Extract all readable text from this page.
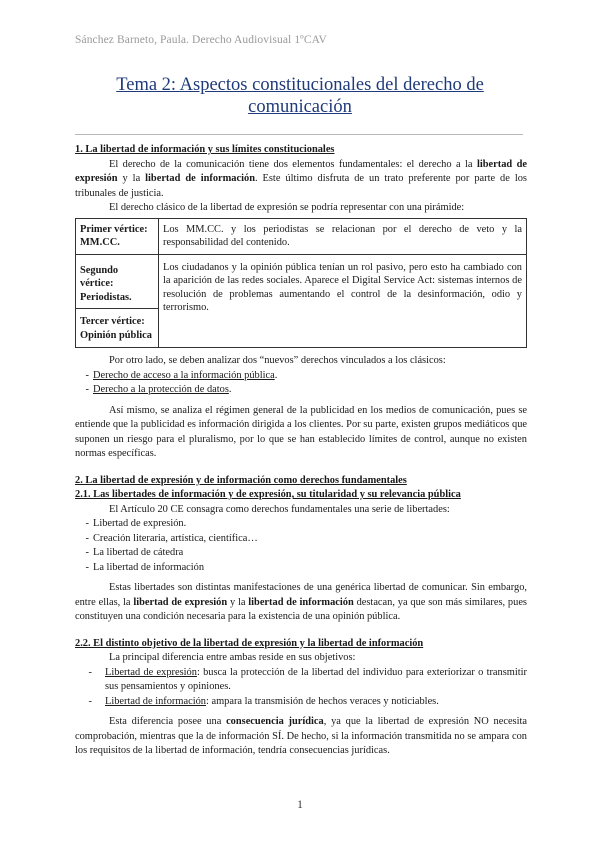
Sánchez Barneto, Paula. Derecho Audiovisual 1ºCAV
Tema 2: Aspectos constitucionales del derecho de
comunicación

1. La libertad de información y sus límites constitucionales

El derecho de la comunicación tiene dos elementos fundamentales: el derecho a la libertad de expresión y la libertad de información. Este último disfruta de un trato preferente por parte de los tribunales de justicia.

El derecho clásico de la libertad de expresión se podría representar con una pirámide:

Primer vértice: MM.CC.	Los MM.CC. y los periodistas se relacionan por el derecho de veto y la responsabilidad del contenido.
Segundo vértice: Periodistas.	Los ciudadanos y la opinión pública tenían un rol pasivo, pero esto ha cambiado con la aparición de las redes sociales. Aparece el Digital Service Act: sistemas internos de resolución de problemas aumentando el control de la desinformación, odio y terrorismo.
Tercer vértice: Opinión pública	

Por otro lado, se deben analizar dos “nuevos” derechos vinculados a los clásicos:

- Derecho de acceso a la información pública.
- Derecho a la protección de datos.

Así mismo, se analiza el régimen general de la publicidad en los medios de comunicación, pues se entiende que la publicidad es información dirigida a los clientes. Por su parte, existen grupos mediáticos que suponen un riesgo para el pluralismo, por lo que se han establecido límites de control, aunque no existen normas específicas.

2. La libertad de expresión y de información como derechos fundamentales

2.1. Las libertades de información y de expresión, su titularidad y su relevancia pública

El Artículo 20 CE consagra como derechos fundamentales una serie de libertades:

- Libertad de expresión.
- Creación literaria, artística, científica…
- La libertad de cátedra
- La libertad de información

Estas libertades son distintas manifestaciones de una genérica libertad de comunicar. Sin embargo, entre ellas, la libertad de expresión y la libertad de información destacan, ya que son más similares, pues constituyen una condición necesaria para la existencia de una opinión pública.

2.2. El distinto objetivo de la libertad de expresión y la libertad de información

La principal diferencia entre ambas reside en sus objetivos:

- Libertad de expresión: busca la protección de la libertad del individuo para exteriorizar o transmitir sus pensamientos y opiniones.
- Libertad de información: ampara la transmisión de hechos veraces y noticiables.

Esta diferencia posee una consecuencia jurídica, ya que la libertad de expresión NO necesita comprobación, mientras que la de información SÍ. De hecho, si la información transmitida no se ampara con los requisitos de la libertad de información, tendría consecuencias jurídicas.

1
